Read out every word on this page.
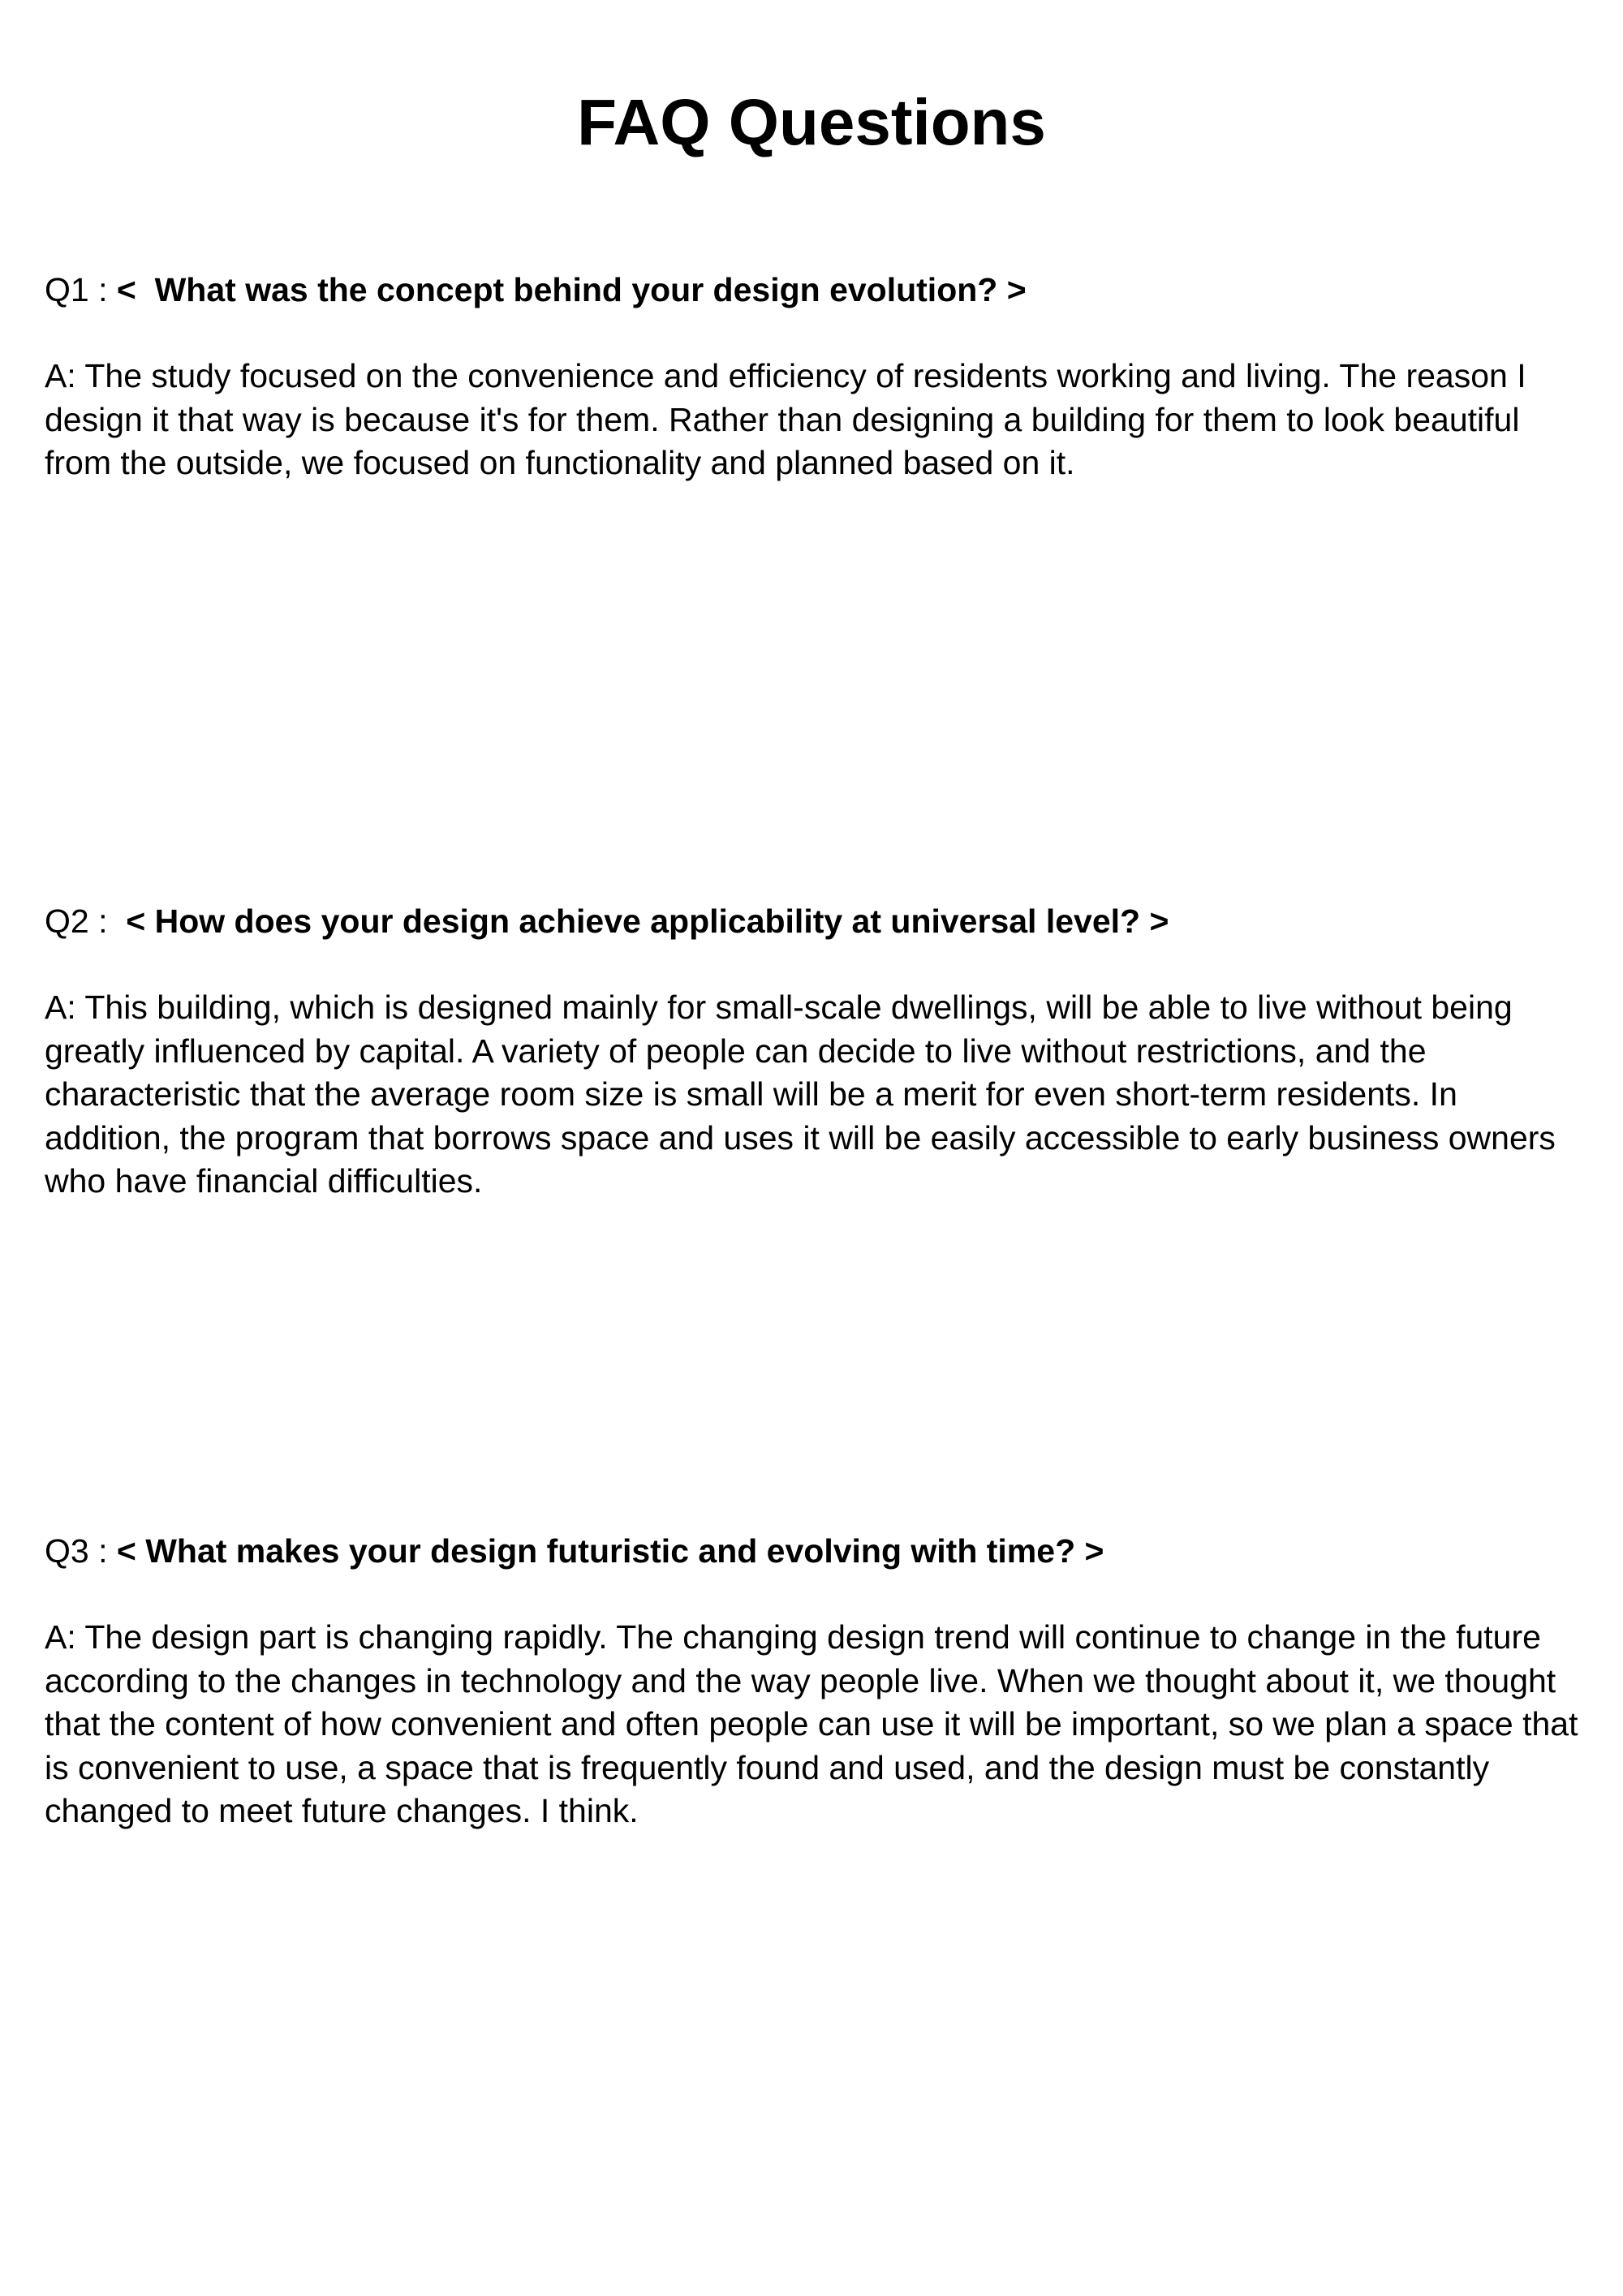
FAQ Questions

Q1 : <  What was the concept behind your design evolution? >

A: The study focused on the convenience and efficiency of residents working and living. The reason I design it that way is because it's for them. Rather than designing a building for them to look beautiful from the outside, we focused on functionality and planned based on it.

Q2 :  < How does your design achieve applicability at universal level? >

A: This building, which is designed mainly for small-scale dwellings, will be able to live without being greatly influenced by capital. A variety of people can decide to live without restrictions, and the characteristic that the average room size is small will be a merit for even short-term residents. In addition, the program that borrows space and uses it will be easily accessible to early business owners who have financial difficulties.

Q3 : < What makes your design futuristic and evolving with time? >

A: The design part is changing rapidly. The changing design trend will continue to change in the future according to the changes in technology and the way people live. When we thought about it, we thought that the content of how convenient and often people can use it will be important, so we plan a space that is convenient to use, a space that is frequently found and used, and the design must be constantly changed to meet future changes. I think.
